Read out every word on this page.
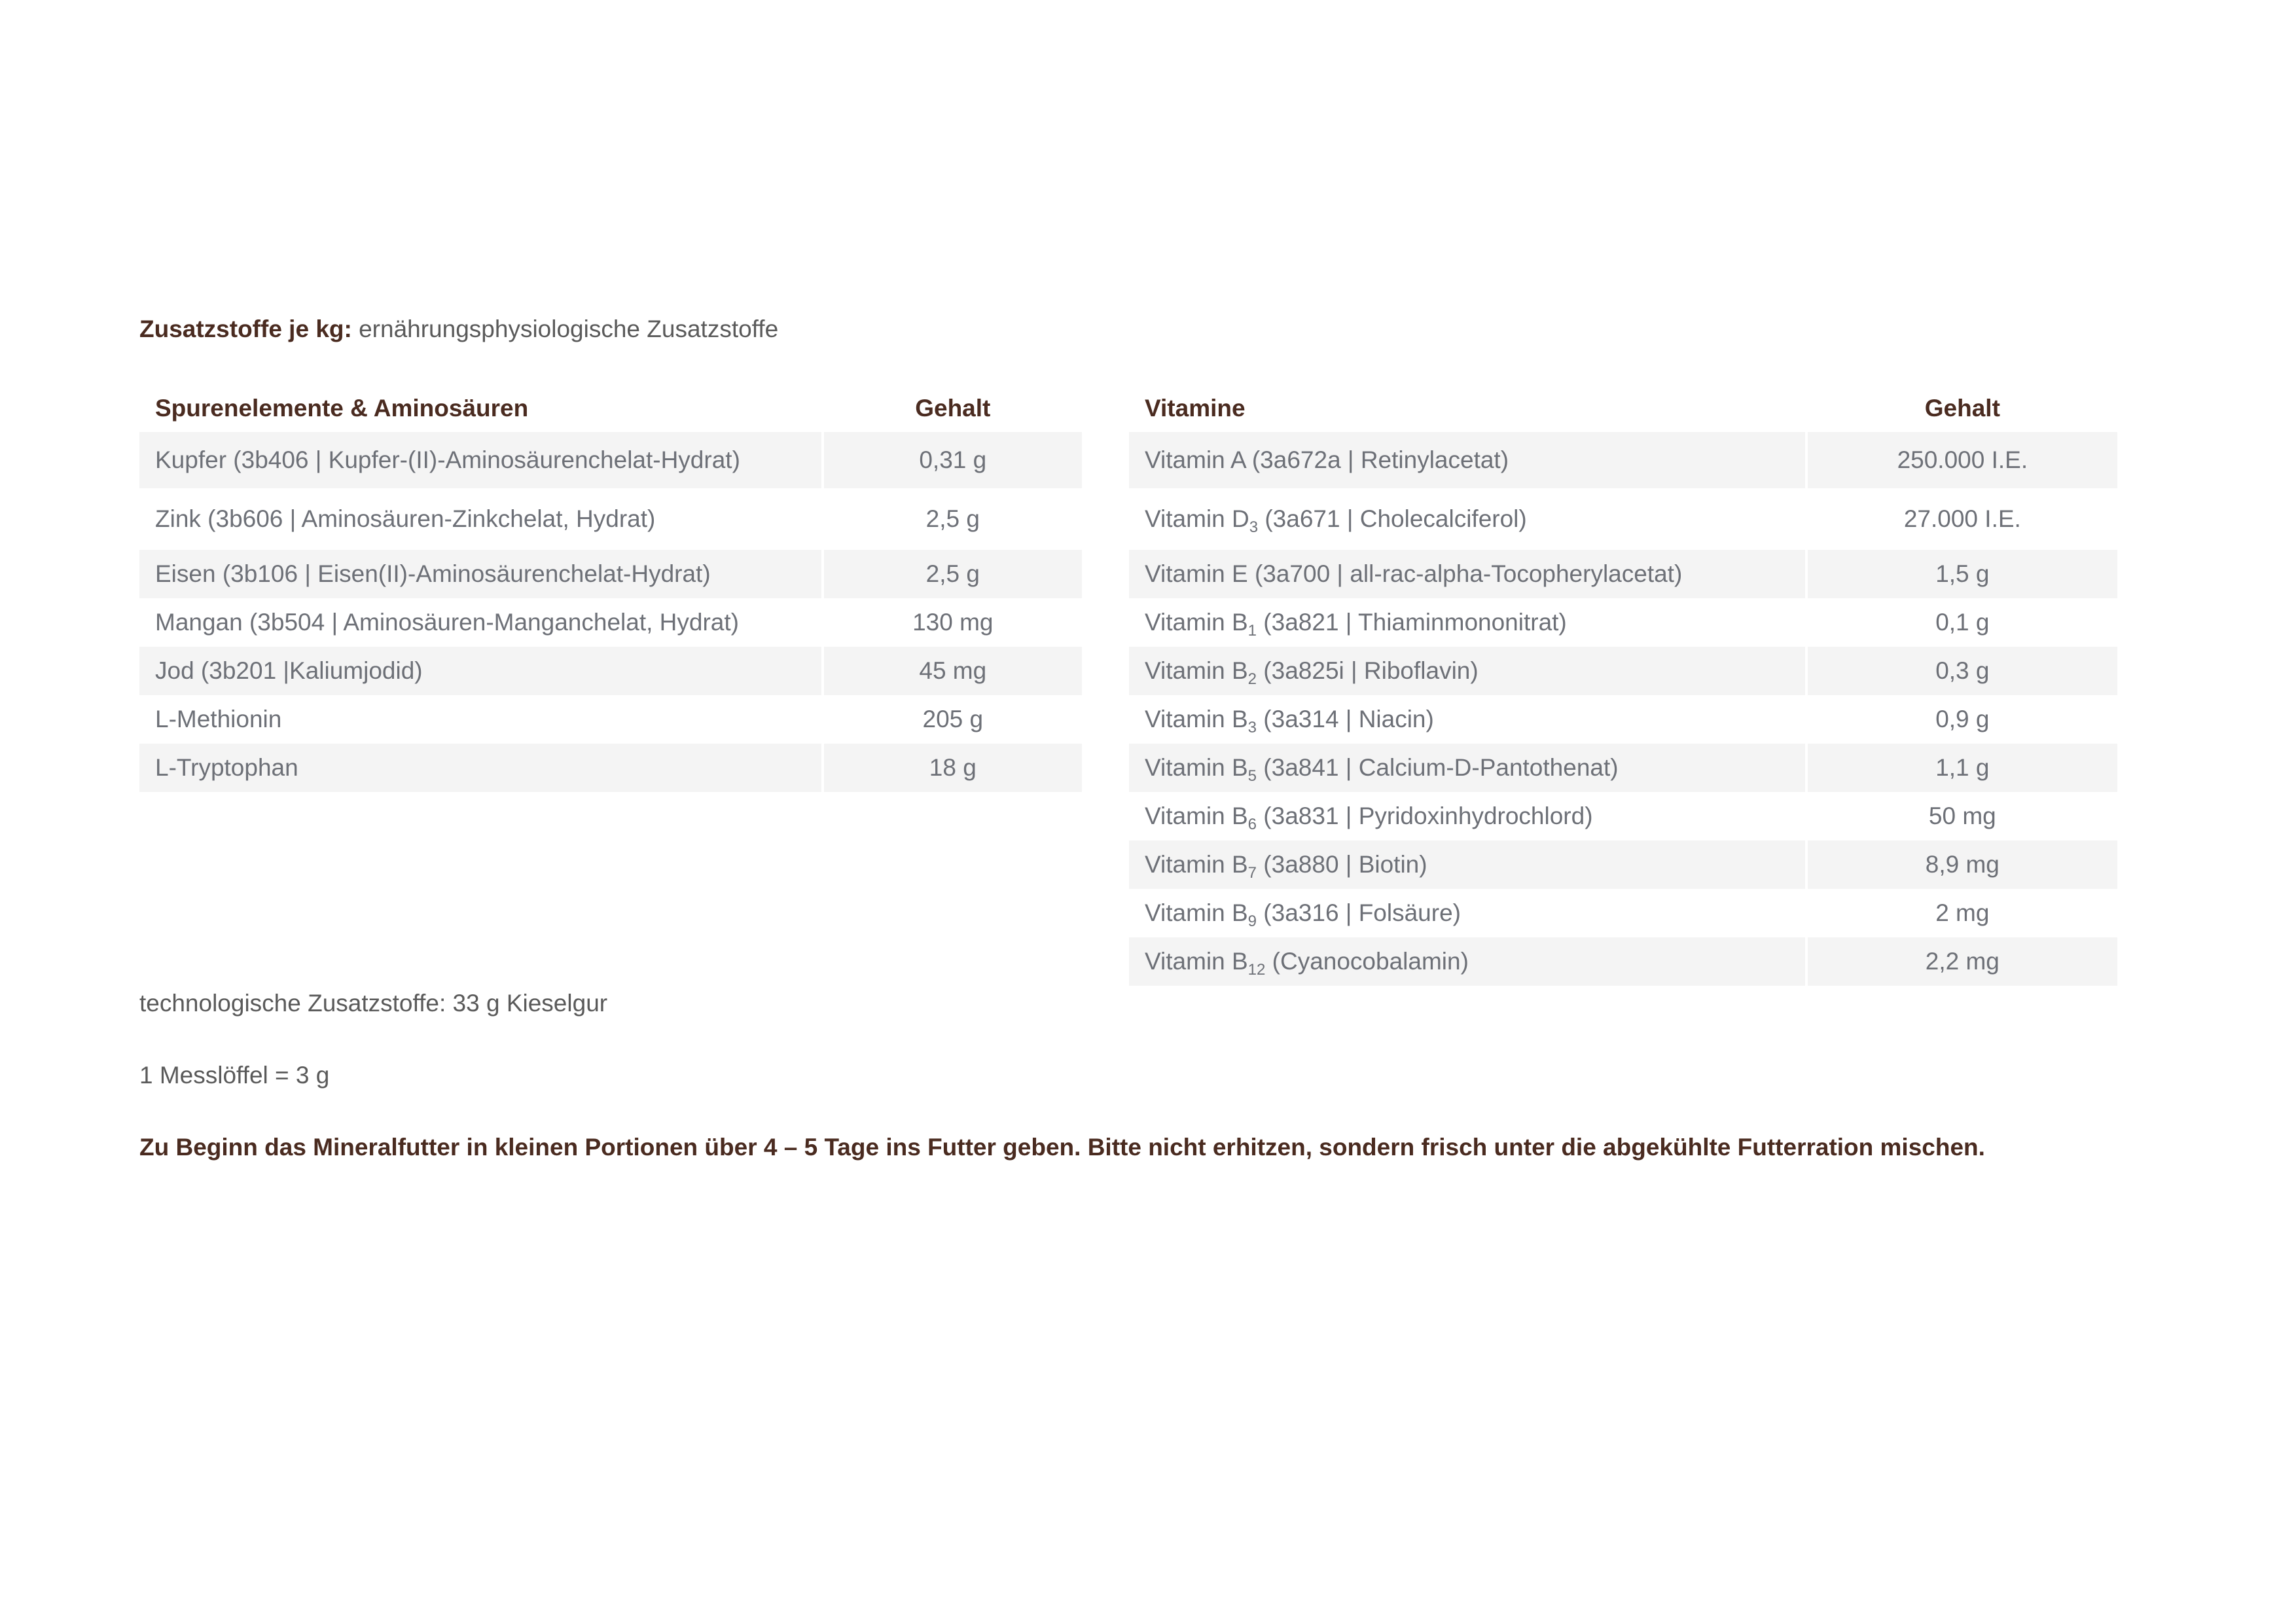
Zusatzstoffe je kg: ernährungsphysiologische Zusatzstoffe

Spurenelemente & Aminosäuren	Gehalt
Kupfer (3b406 | Kupfer-(II)-Aminosäurenchelat-Hydrat)	0,31 g
Zink (3b606 | Aminosäuren-Zinkchelat, Hydrat)	2,5 g
Eisen (3b106 | Eisen(II)-Aminosäurenchelat-Hydrat)	2,5 g
Mangan (3b504 | Aminosäuren-Manganchelat, Hydrat)	130 mg
Jod (3b201 |Kaliumjodid)	45 mg
L-Methionin	205 g
L-Tryptophan	18 g
Vitamine	Gehalt
Vitamin A (3a672a | Retinylacetat)	250.000 I.E.
Vitamin $D_3$ (3a671 | Cholecalciferol)	27.000 I.E.
Vitamin E (3a700 | all-rac-alpha-Tocopherylacetat)	1,5 g
Vitamin $B_1$ (3a821 | Thiaminmononitrat)	0,1 g
Vitamin $B_2$ (3a825i | Riboflavin)	0,3 g
Vitamin $B_3$ (3a314 | Niacin)	0,9 g
Vitamin $B_5$ (3a841 | Calcium-D-Pantothenat)	1,1 g
Vitamin $B_6$ (3a831 | Pyridoxinhydrochlord)	50 mg
Vitamin $B_7$ (3a880 | Biotin)	8,9 mg
Vitamin $B_9$ (3a316 | Folsäure)	2 mg
Vitamin $B_{12}$ (Cyanocobalamin)	2,2 mg

technologische Zusatzstoffe: 33 g Kieselgur

1 Messlöffel = 3 g

Zu Beginn das Mineralfutter in kleinen Portionen über 4 – 5 Tage ins Futter geben. Bitte nicht erhitzen, sondern frisch unter die abgekühlte Futterration mischen.
